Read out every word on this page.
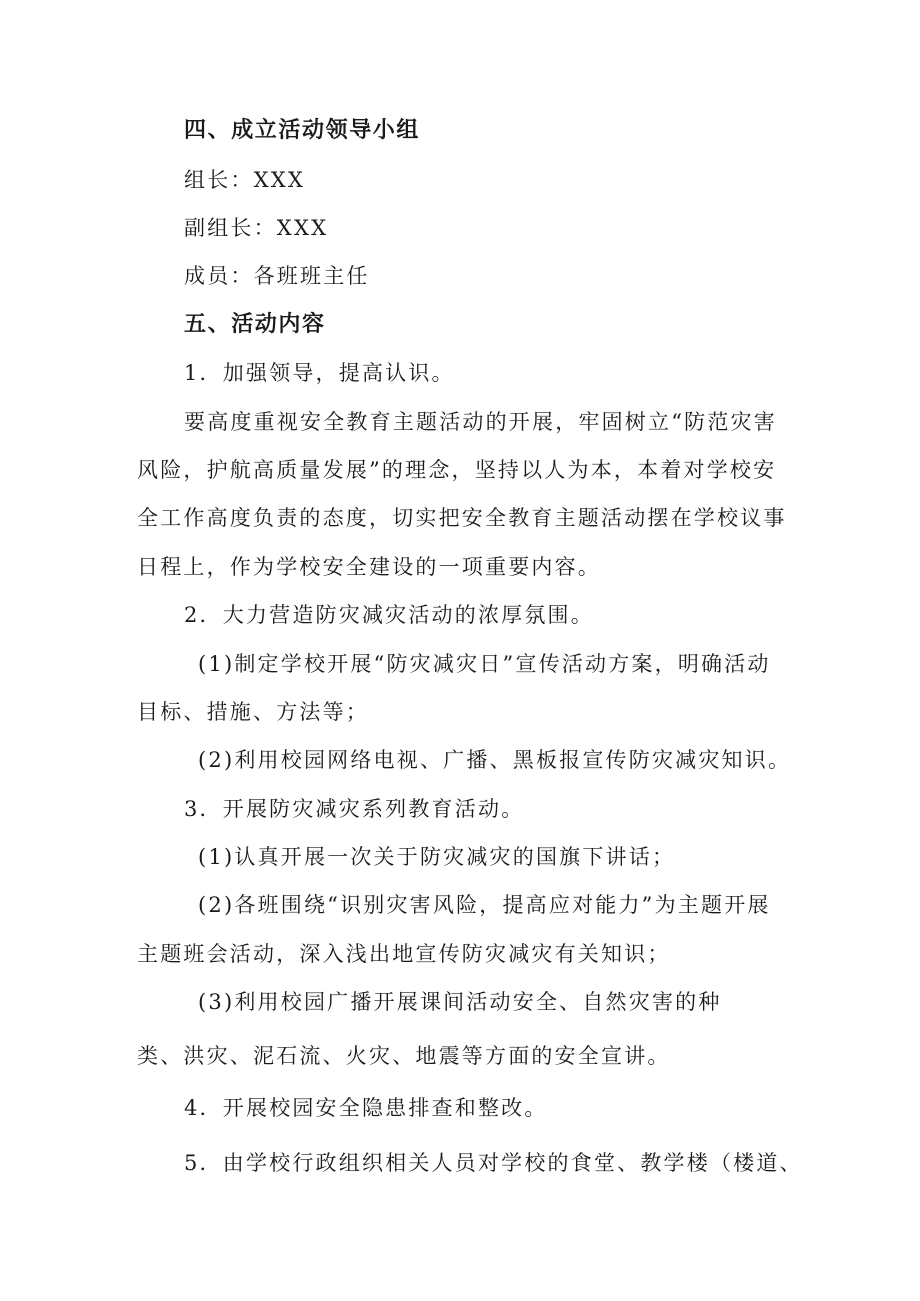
四、成立活动领导小组
组长：XXX
副组长：XXX
成员：各班班主任
五、活动内容
1．加强领导，提高认识。
要高度重视安全教育主题活动的开展，牢固树立“防范灾害
风险，护航高质量发展”的理念，坚持以人为本，本着对学校安
全工作高度负责的态度，切实把安全教育主题活动摆在学校议事
日程上，作为学校安全建设的一项重要内容。
2．大力营造防灾减灾活动的浓厚氛围。
(1)制定学校开展“防灾减灾日”宣传活动方案，明确活动
目标、措施、方法等；
(2)利用校园网络电视、广播、黑板报宣传防灾减灾知识。
3．开展防灾减灾系列教育活动。
(1)认真开展一次关于防灾减灾的国旗下讲话；
(2)各班围绕“识别灾害风险，提高应对能力”为主题开展
主题班会活动，深入浅出地宣传防灾减灾有关知识；
(3)利用校园广播开展课间活动安全、自然灾害的种
类、洪灾、泥石流、火灾、地震等方面的安全宣讲。
4．开展校园安全隐患排查和整改。
5．由学校行政组织相关人员对学校的食堂、教学楼（楼道、
